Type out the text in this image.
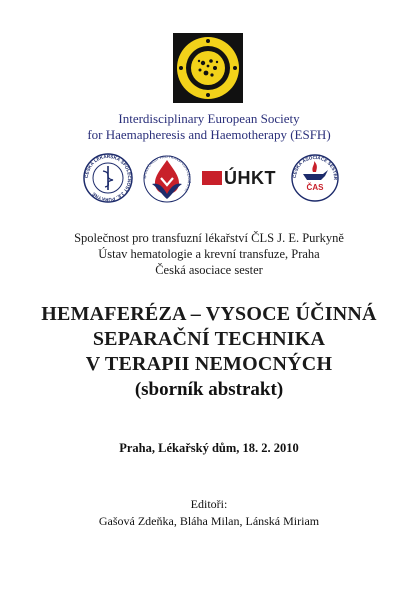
Interdisciplinary European Society
for Haemapheresis and Haemotherapy (ESFH)
ČESKÁ LÉKAŘSKÁ SPOLEČNOST J.E. PURKYNĚ
SPOLEČNOST PRO TRANSFUZNÍ LÉKAŘSTVÍ
ÚHKT	ČESKÁ ASOCIACE SESTER
ČAS
Společnost pro transfuzní lékařství ČLS J. E. Purkyně
Ústav hematologie a krevní transfuze, Praha
Česká asociace sester
HEMAFERÉZA – VYSOCE ÚČINNÁ
SEPARAČNÍ TECHNIKA
V TERAPII NEMOCNÝCH
(sborník abstrakt)
Praha, Lékařský dům, 18. 2. 2010
Editoři:
Gašová Zdeňka, Bláha Milan, Lánská Miriam
